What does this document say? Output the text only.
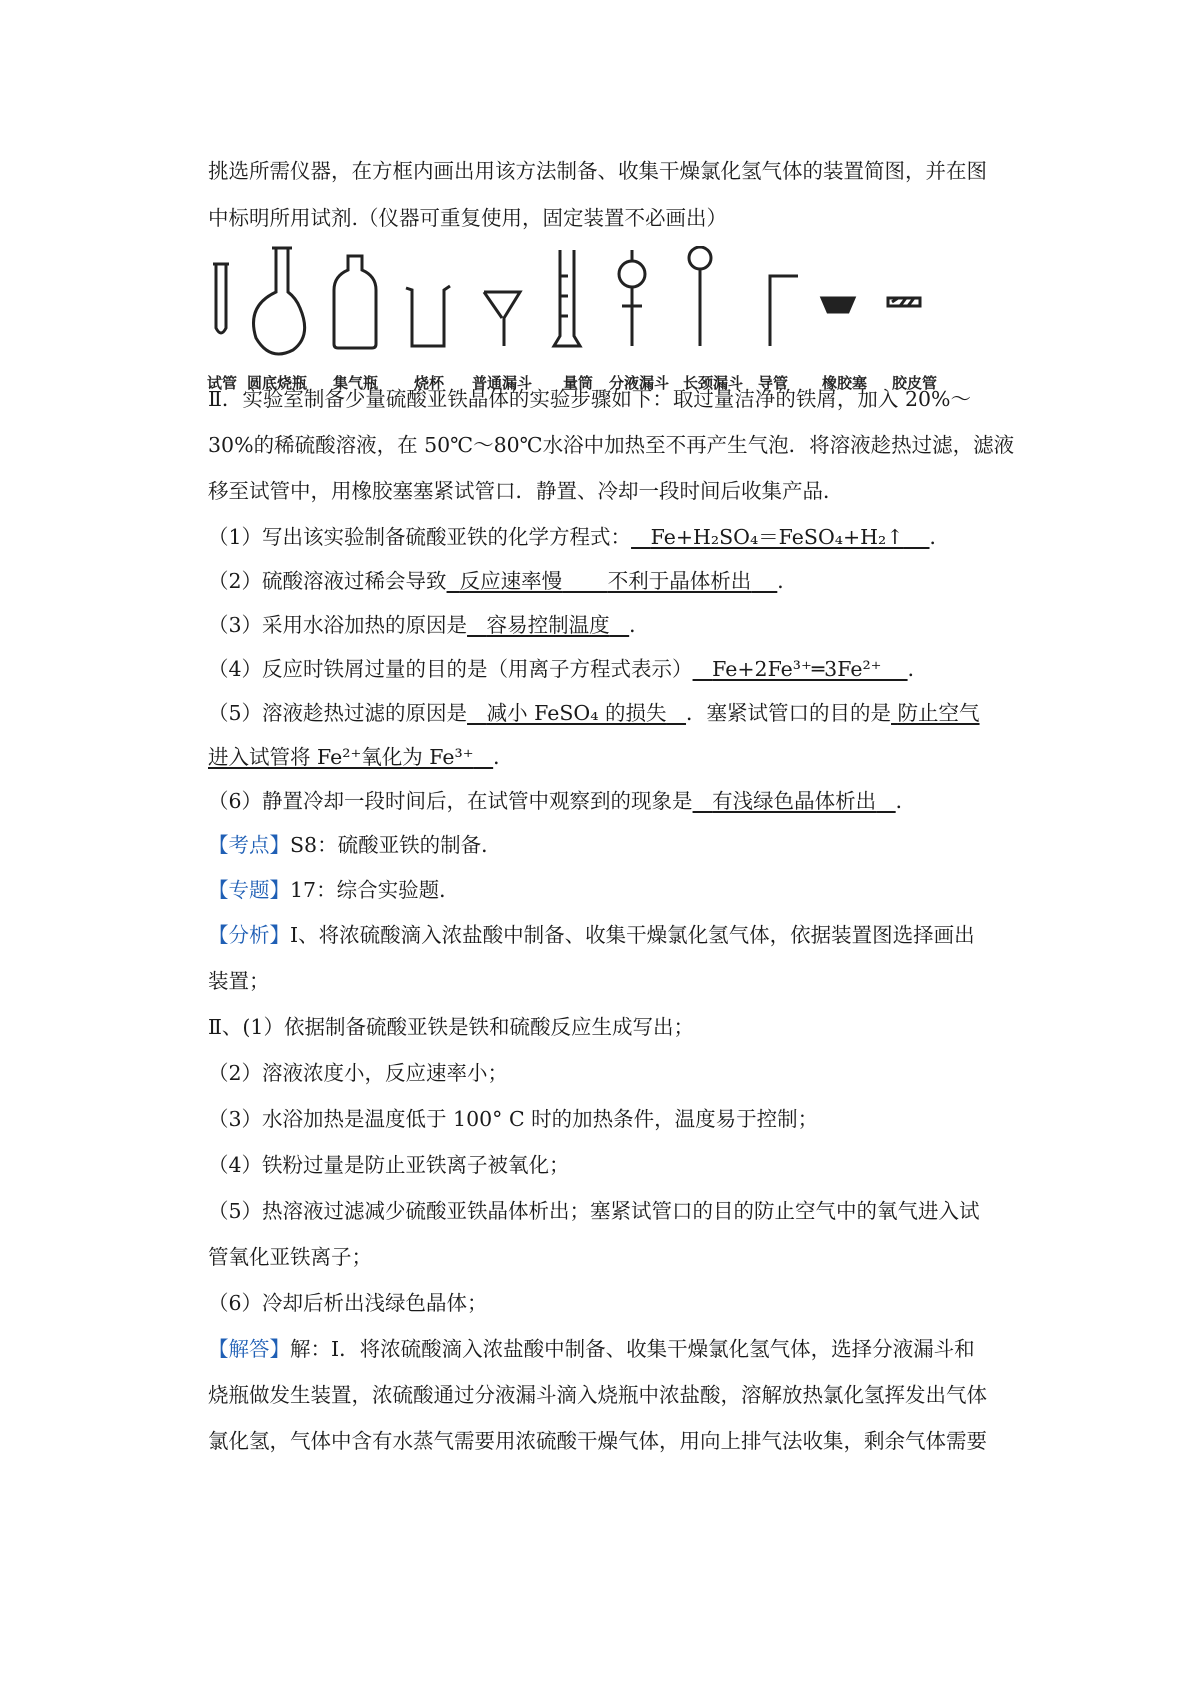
挑选所需仪器，在方框内画出用该方法制备、收集干燥氯化氢气体的装置简图，并在图
中标明所用试剂.（仪器可重复使用，固定装置不必画出）
试管 圆底烧瓶 集气瓶 烧杯 普通漏斗 量筒 分液漏斗 长颈漏斗 导管 橡胶塞 胶皮管
Ⅱ．实验室制备少量硫酸亚铁晶体的实验步骤如下：取过量洁净的铁屑，加入 20%～
30%的稀硫酸溶液，在 50℃～80℃水浴中加热至不再产生气泡．将溶液趁热过滤，滤液
移至试管中，用橡胶塞塞紧试管口．静置、冷却一段时间后收集产品．
（1）写出该实验制备硫酸亚铁的化学方程式： Fe+H₂SO₄＝FeSO₄+H₂↑ ．
（2）硫酸溶液过稀会导致 反应速率慢 不利于晶体析出 ．
（3）采用水浴加热的原因是 容易控制温度 ．
（4）反应时铁屑过量的目的是（用离子方程式表示） Fe+2Fe³⁺═3Fe²⁺ ．
（5）溶液趁热过滤的原因是 减小 FeSO₄ 的损失 ．塞紧试管口的目的是 防止空气
进入试管将 Fe²⁺氧化为 Fe³⁺ ．
（6）静置冷却一段时间后，在试管中观察到的现象是 有浅绿色晶体析出 ．
【考点】S8：硫酸亚铁的制备．
【专题】17：综合实验题．
【分析】Ⅰ、将浓硫酸滴入浓盐酸中制备、收集干燥氯化氢气体，依据装置图选择画出
装置；
Ⅱ、(1）依据制备硫酸亚铁是铁和硫酸反应生成写出；
（2）溶液浓度小，反应速率小；
（3）水浴加热是温度低于 100° C 时的加热条件，温度易于控制；
（4）铁粉过量是防止亚铁离子被氧化；
（5）热溶液过滤减少硫酸亚铁晶体析出；塞紧试管口的目的防止空气中的氧气进入试
管氧化亚铁离子；
（6）冷却后析出浅绿色晶体；
【解答】解：Ⅰ．将浓硫酸滴入浓盐酸中制备、收集干燥氯化氢气体，选择分液漏斗和
烧瓶做发生装置，浓硫酸通过分液漏斗滴入烧瓶中浓盐酸，溶解放热氯化氢挥发出气体
氯化氢，气体中含有水蒸气需要用浓硫酸干燥气体，用向上排气法收集，剩余气体需要
